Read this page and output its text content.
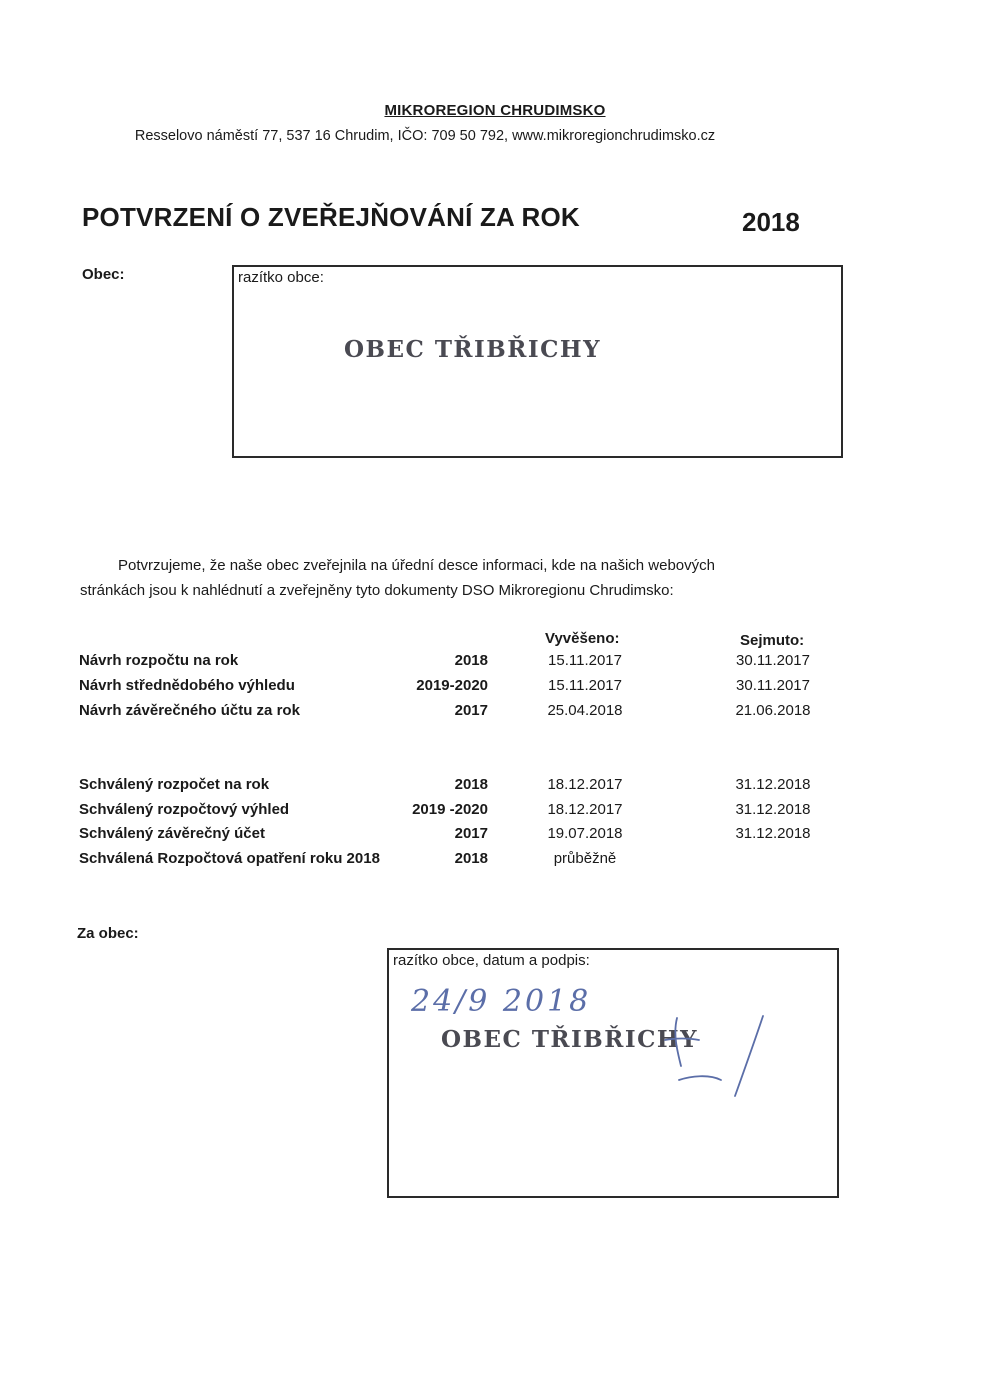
MIKROREGION CHRUDIMSKO
Resselovo náměstí 77, 537 16 Chrudim, IČO: 709 50 792, www.mikroregionchrudimsko.cz
POTVRZENÍ O ZVEŘEJŇOVÁNÍ ZA ROK	2018
Obec:	razítko obce:
OBEC TŘIBŘICHY
Potvrzujeme, že naše obec zveřejnila na úřední desce informaci, kde na našich webových stránkách jsou k nahlédnutí a zveřejněny tyto dokumenty DSO Mikroregionu Chrudimsko:
Vyvěšeno:	Sejmuto:
Návrh rozpočtu na rok	2018	15.11.2017	30.11.2017
Návrh střednědobého výhledu	2019-2020	15.11.2017	30.11.2017
Návrh závěrečného účtu za rok	2017	25.04.2018	21.06.2018
Schválený rozpočet na rok	2018	18.12.2017	31.12.2018
Schválený rozpočtový výhled	2019 -2020	18.12.2017	31.12.2018
Schválený závěrečný účet	2017	19.07.2018	31.12.2018
Schválená Rozpočtová opatření roku 2018	2018	průběžně
Za obec:
razítko obce, datum a podpis:
24/9 2018
OBEC TŘIBŘICHY
